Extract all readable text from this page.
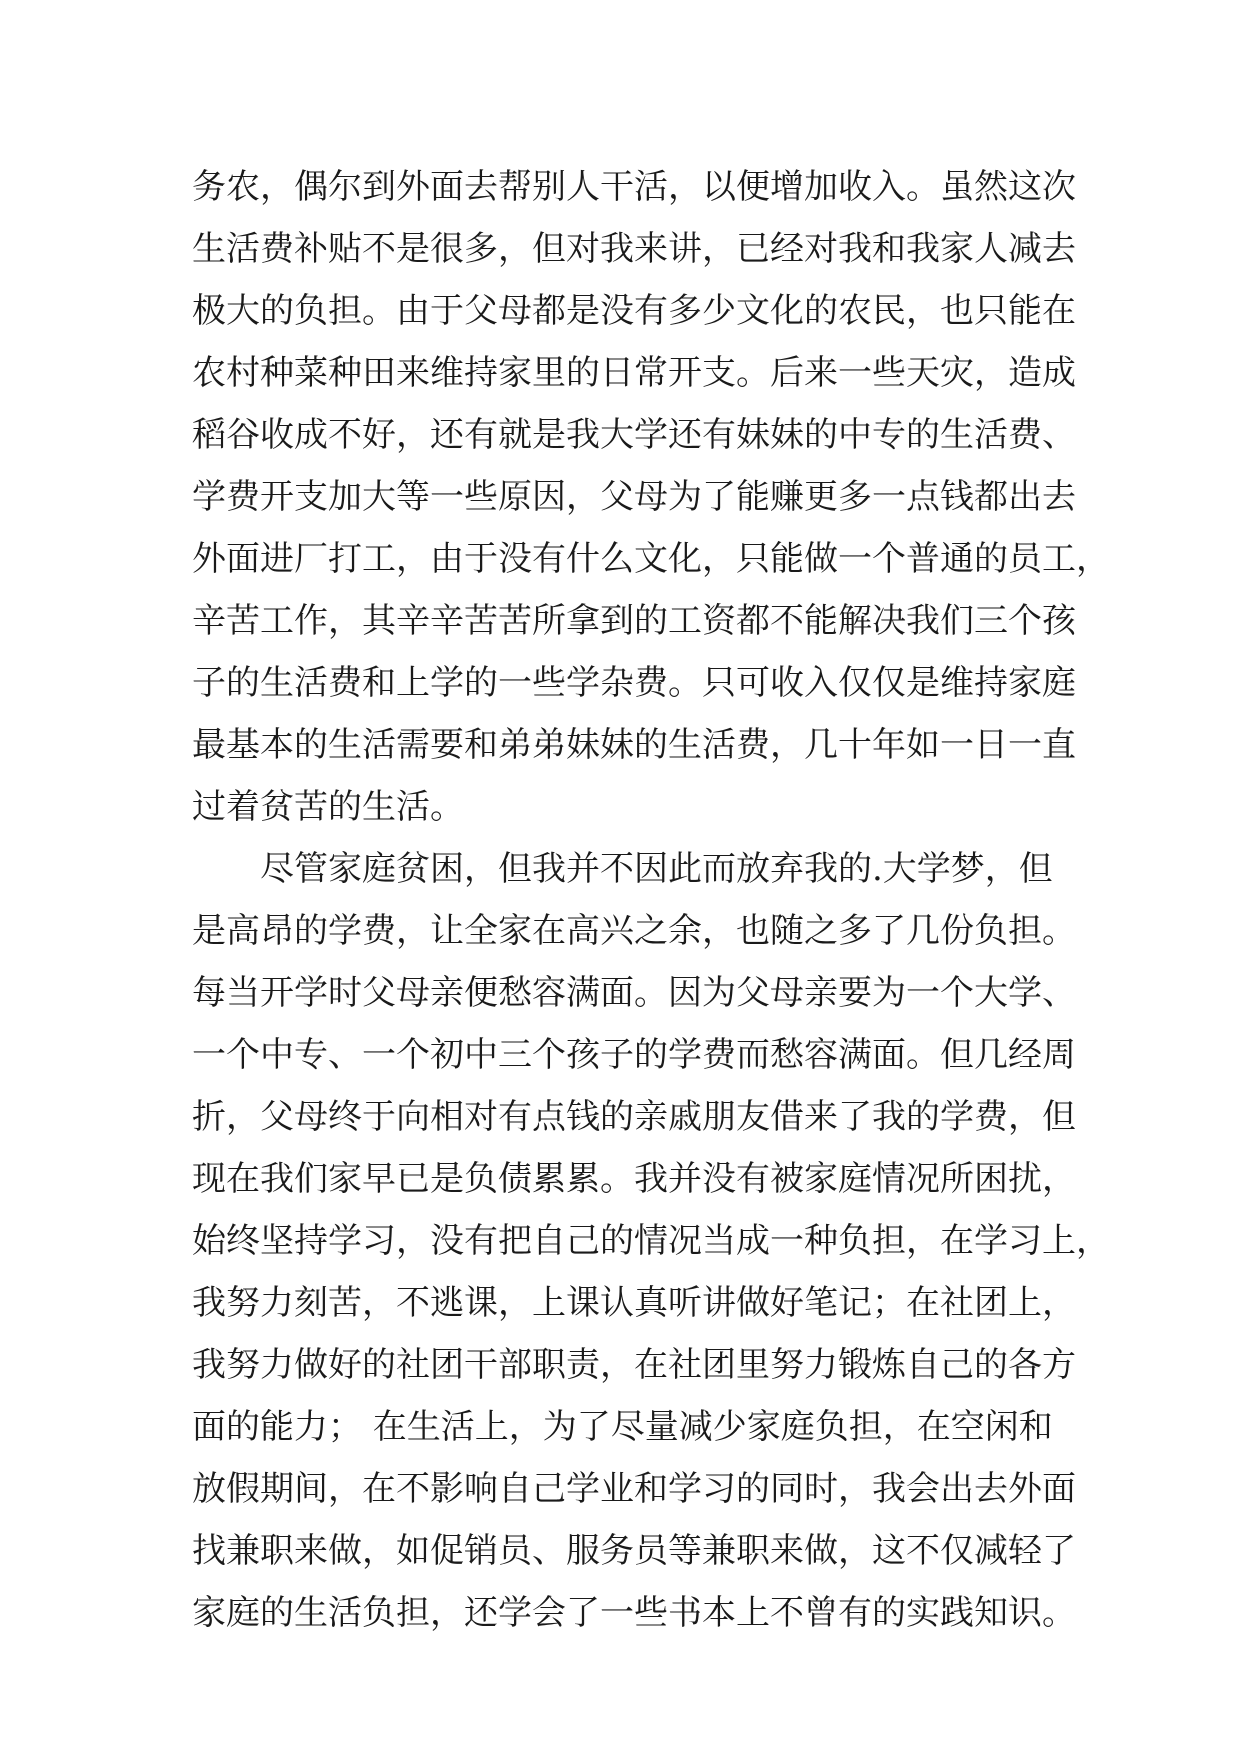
务农，偶尔到外面去帮别人干活，以便增加收入。虽然这次
生活费补贴不是很多，但对我来讲，已经对我和我家人减去
极大的负担。由于父母都是没有多少文化的农民，也只能在
农村种菜种田来维持家里的日常开支。后来一些天灾，造成
稻谷收成不好，还有就是我大学还有妹妹的中专的生活费、
学费开支加大等一些原因，父母为了能赚更多一点钱都出去
外面进厂打工，由于没有什么文化，只能做一个普通的员工，
辛苦工作，其辛辛苦苦所拿到的工资都不能解决我们三个孩
子的生活费和上学的一些学杂费。只可收入仅仅是维持家庭
最基本的生活需要和弟弟妹妹的生活费，几十年如一日一直
过着贫苦的生活。
尽管家庭贫困，但我并不因此而放弃我的.大学梦，但
是高昂的学费，让全家在高兴之余，也随之多了几份负担。
每当开学时父母亲便愁容满面。因为父母亲要为一个大学、
一个中专、一个初中三个孩子的学费而愁容满面。但几经周
折，父母终于向相对有点钱的亲戚朋友借来了我的学费，但
现在我们家早已是负债累累。我并没有被家庭情况所困扰，
始终坚持学习，没有把自己的情况当成一种负担，在学习上，
我努力刻苦，不逃课，上课认真听讲做好笔记；在社团上，
我努力做好的社团干部职责，在社团里努力锻炼自己的各方
面的能力； 在生活上，为了尽量减少家庭负担，在空闲和
放假期间，在不影响自己学业和学习的同时，我会出去外面
找兼职来做，如促销员、服务员等兼职来做，这不仅减轻了
家庭的生活负担，还学会了一些书本上不曾有的实践知识。
